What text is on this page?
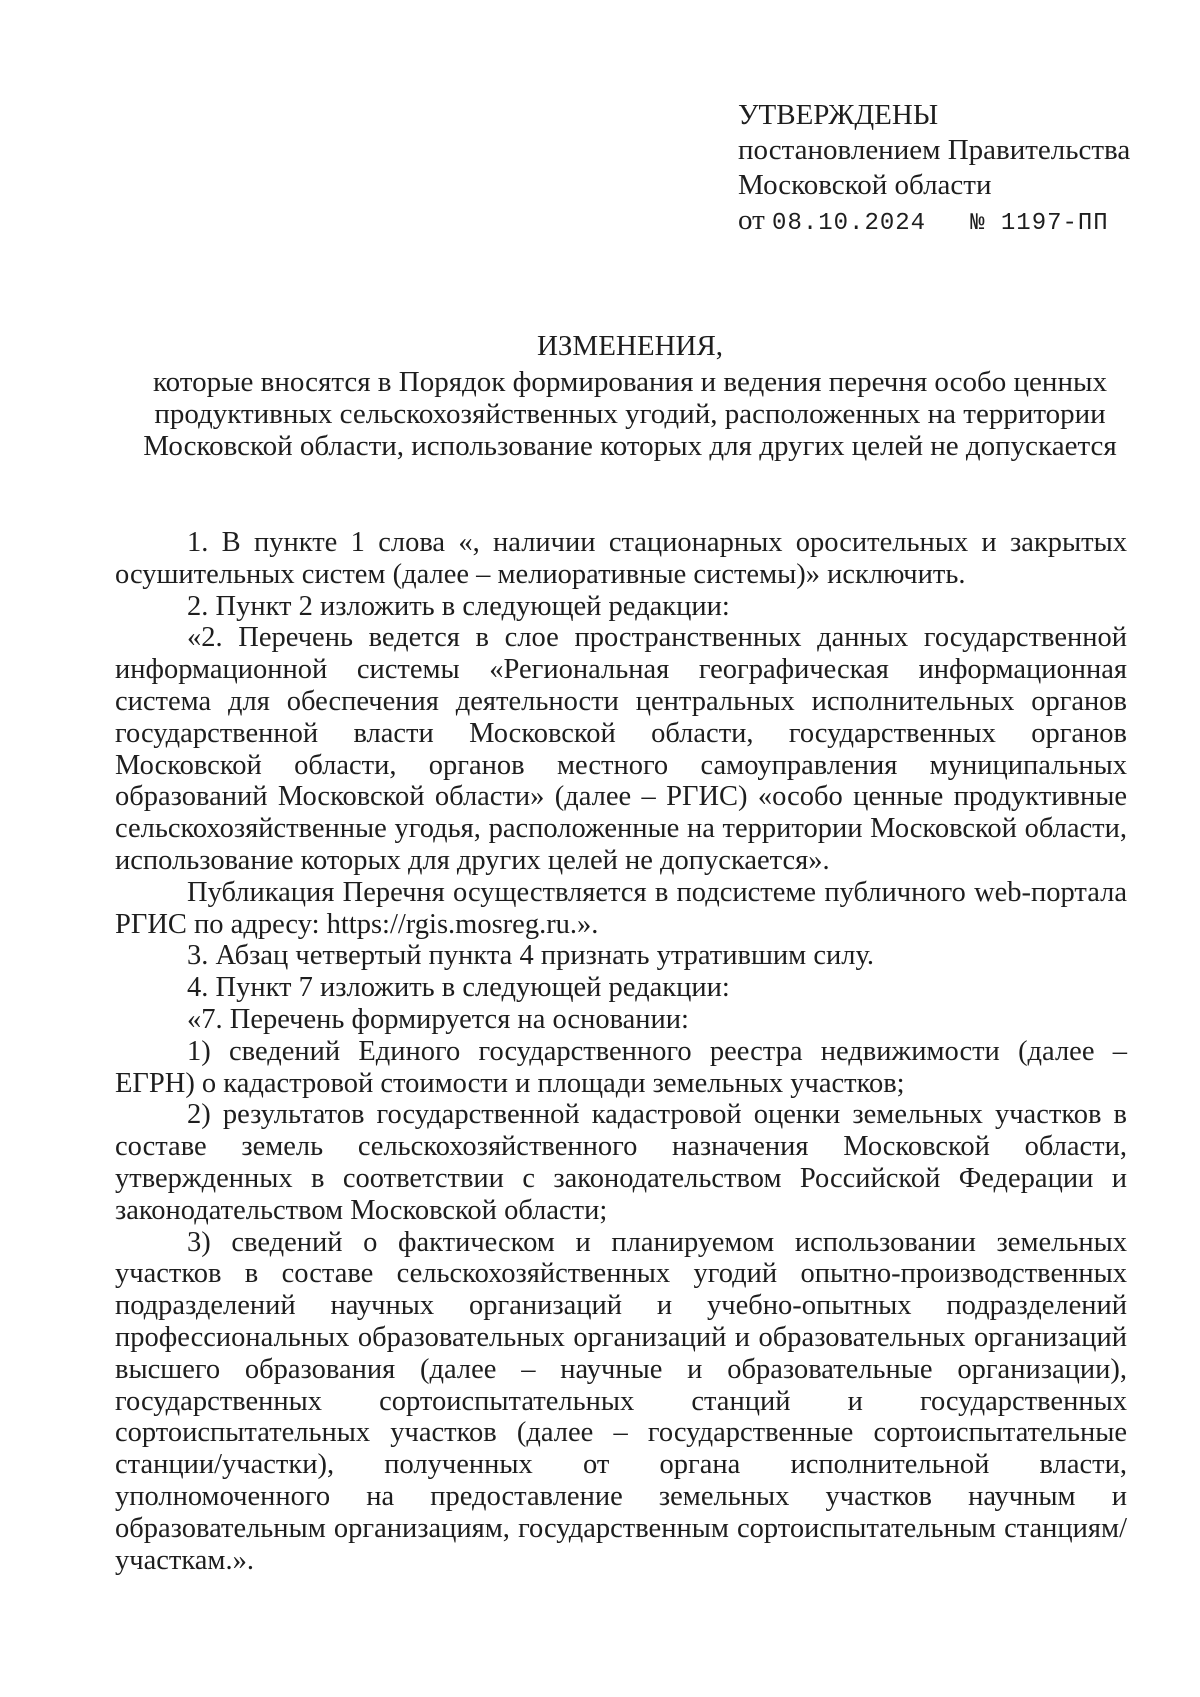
УТВЕРЖДЕНЫ
постановлением Правительства
Московской области
от 08.10.2024 № 1197-ПП
ИЗМЕНЕНИЯ,
которые вносятся в Порядок формирования и ведения перечня особо ценных
продуктивных сельскохозяйственных угодий, расположенных на территории
Московской области, использование которых для других целей не допускается

1. В пункте 1 слова «, наличии стационарных оросительных и закрытых осушительных систем (далее – мелиоративные системы)» исключить.

2. Пункт 2 изложить в следующей редакции:

«2. Перечень ведется в слое пространственных данных государственной информационной системы «Региональная географическая информационная система для обеспечения деятельности центральных исполнительных органов государственной власти Московской области, государственных органов Московской области, органов местного самоуправления муниципальных образований Московской области» (далее – РГИС) «особо ценные продуктивные сельскохозяйственные угодья, расположенные на территории Московской области, использование которых для других целей не допускается».

Публикация Перечня осуществляется в подсистеме публичного web-портала РГИС по адресу: https://rgis.mosreg.ru.».

3. Абзац четвертый пункта 4 признать утратившим силу.

4. Пункт 7 изложить в следующей редакции:

«7. Перечень формируется на основании:

1) сведений Единого государственного реестра недвижимости (далее – ЕГРН) о кадастровой стоимости и площади земельных участков;

2) результатов государственной кадастровой оценки земельных участков в составе земель сельскохозяйственного назначения Московской области, утвержденных в соответствии с законодательством Российской Федерации и законодательством Московской области;

3) сведений о фактическом и планируемом использовании земельных участков в составе сельскохозяйственных угодий опытно-производственных подразделений научных организаций и учебно-опытных подразделений профессиональных образовательных организаций и образовательных организаций высшего образования (далее – научные и образовательные организации), государственных сортоиспытательных станций и государственных сортоиспытательных участков (далее – государственные сортоиспытательные станции/участки), полученных от органа исполнительной власти, уполномоченного на предоставление земельных участков научным и образовательным организациям, государственным сортоиспытательным станциям/участкам.».
